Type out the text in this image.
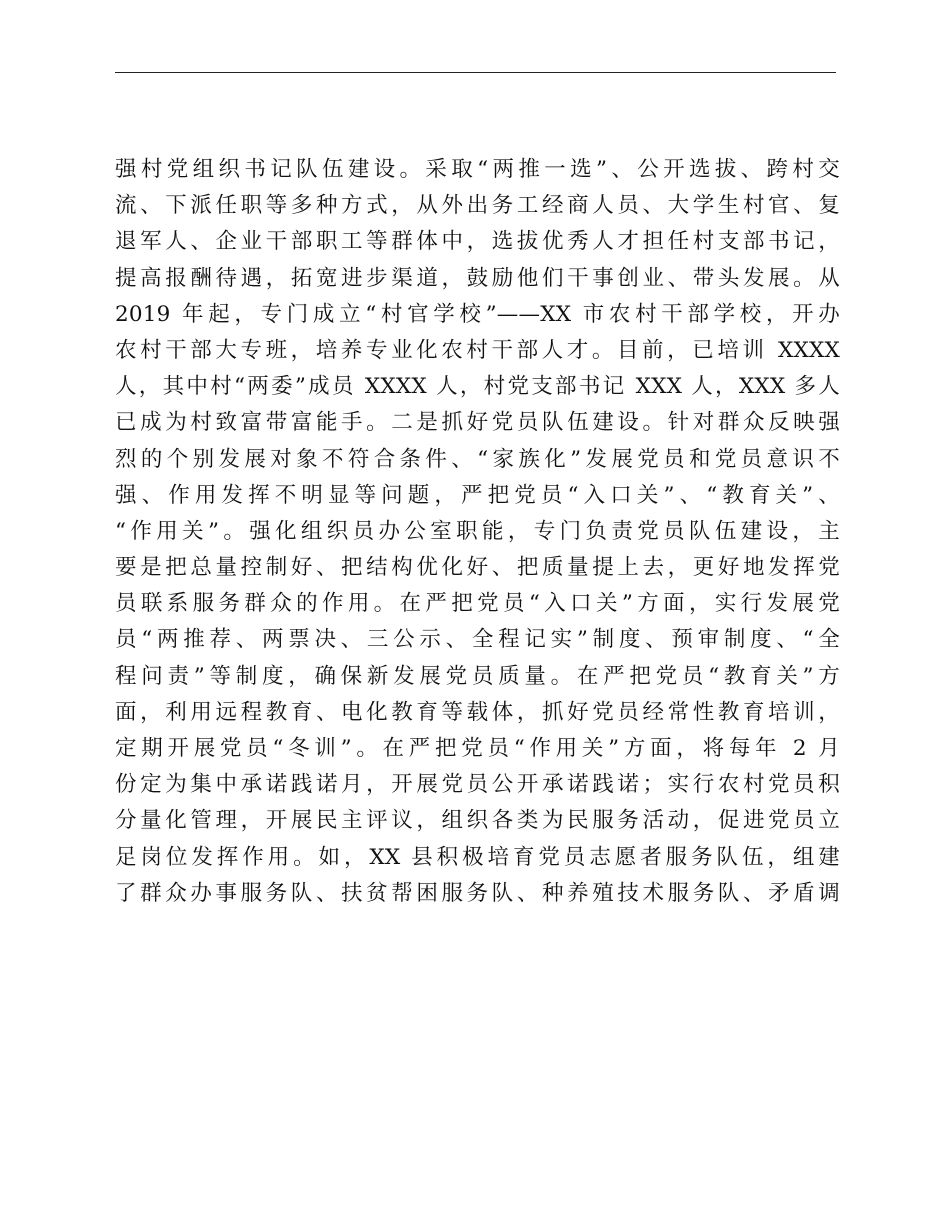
强村党组织书记队伍建设。采取“两推一选”、公开选拔、跨村交
流、下派任职等多种方式，从外出务工经商人员、大学生村官、复
退军人、企业干部职工等群体中，选拔优秀人才担任村支部书记，
提高报酬待遇，拓宽进步渠道，鼓励他们干事创业、带头发展。从
2019 年起，专门成立“村官学校”——XX 市农村干部学校，开办
农村干部大专班，培养专业化农村干部人才。目前，已培训 XXXX
人，其中村“两委”成员 XXXX 人，村党支部书记 XXX 人，XXX 多人
已成为村致富带富能手。二是抓好党员队伍建设。针对群众反映强
烈的个别发展对象不符合条件、“家族化”发展党员和党员意识不
强、作用发挥不明显等问题，严把党员“入口关”、“教育关”、
“作用关”。强化组织员办公室职能，专门负责党员队伍建设，主
要是把总量控制好、把结构优化好、把质量提上去，更好地发挥党
员联系服务群众的作用。在严把党员“入口关”方面，实行发展党
员“两推荐、两票决、三公示、全程记实”制度、预审制度、“全
程问责”等制度，确保新发展党员质量。在严把党员“教育关”方
面，利用远程教育、电化教育等载体，抓好党员经常性教育培训，
定期开展党员“冬训”。在严把党员“作用关”方面，将每年 2 月
份定为集中承诺践诺月，开展党员公开承诺践诺；实行农村党员积
分量化管理，开展民主评议，组织各类为民服务活动，促进党员立
足岗位发挥作用。如，XX 县积极培育党员志愿者服务队伍，组建
了群众办事服务队、扶贫帮困服务队、种养殖技术服务队、矛盾调
